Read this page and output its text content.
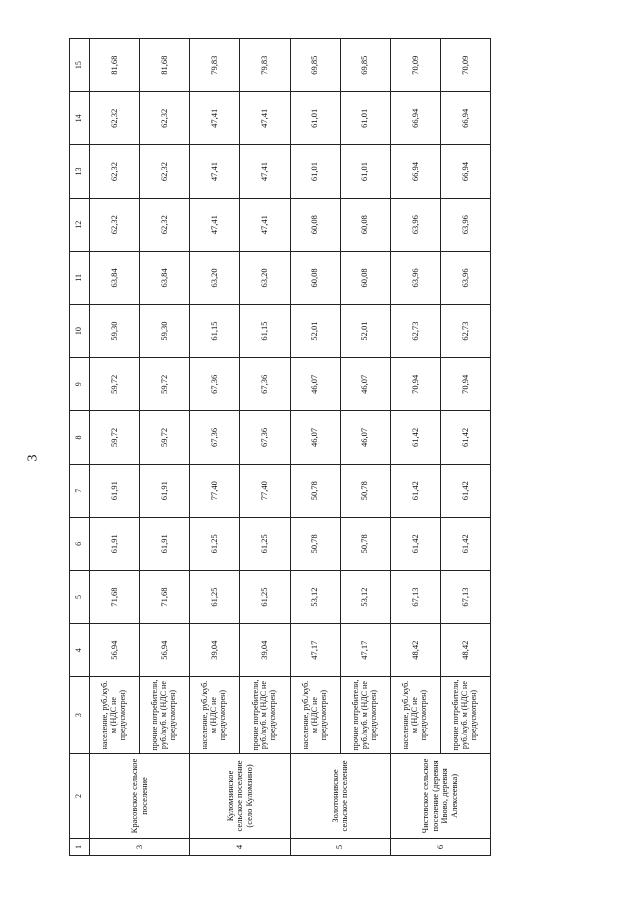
3
1	2	3	4	5	6	7	8	9	10	11	12	13	14	15
3	Красовское сельское поселение	население, руб./куб. м (НДС не предусмотрен)	56,94	71,68	61,91	61,91	59,72	59,72	59,30	63,84	62,32	62,32	62,32	81,68
		прочие потребители, руб./куб. м (НДС не предусмотрен)	56,94	71,68	61,91	61,91	59,72	59,72	59,30	63,84	62,32	62,32	62,32	81,68
4	Куломзинское сельское поселение (село Куломзино)	население, руб./куб. м (НДС не предусмотрен)	39,04	61,25	61,25	77,40	67,36	67,36	61,15	63,20	47,41	47,41	47,41	79,83
		прочие потребители, руб./куб. м (НДС не предусмотрен)	39,04	61,25	61,25	77,40	67,36	67,36	61,15	63,20	47,41	47,41	47,41	79,83
5	Золотонивское сельское поселение	население, руб./куб. м (НДС не предусмотрен)	47,17	53,12	50,78	50,78	46,07	46,07	52,01	60,08	60,08	61,01	61,01	69,85
		прочие потребители, руб./куб. м (НДС не предусмотрен)	47,17	53,12	50,78	50,78	46,07	46,07	52,01	60,08	60,08	61,01	61,01	69,85
6	Чистовское сельское поселение (деревня Ивово, деревня Алексеевка)	население, руб./куб. м (НДС не предусмотрен)	48,42	67,13	61,42	61,42	61,42	70,94	62,73	63,96	63,96	66,94	66,94	70,09
		прочие потребители, руб./куб. м (НДС не предусмотрен)	48,42	67,13	61,42	61,42	61,42	70,94	62,73	63,96	63,96	66,94	66,94	70,09
